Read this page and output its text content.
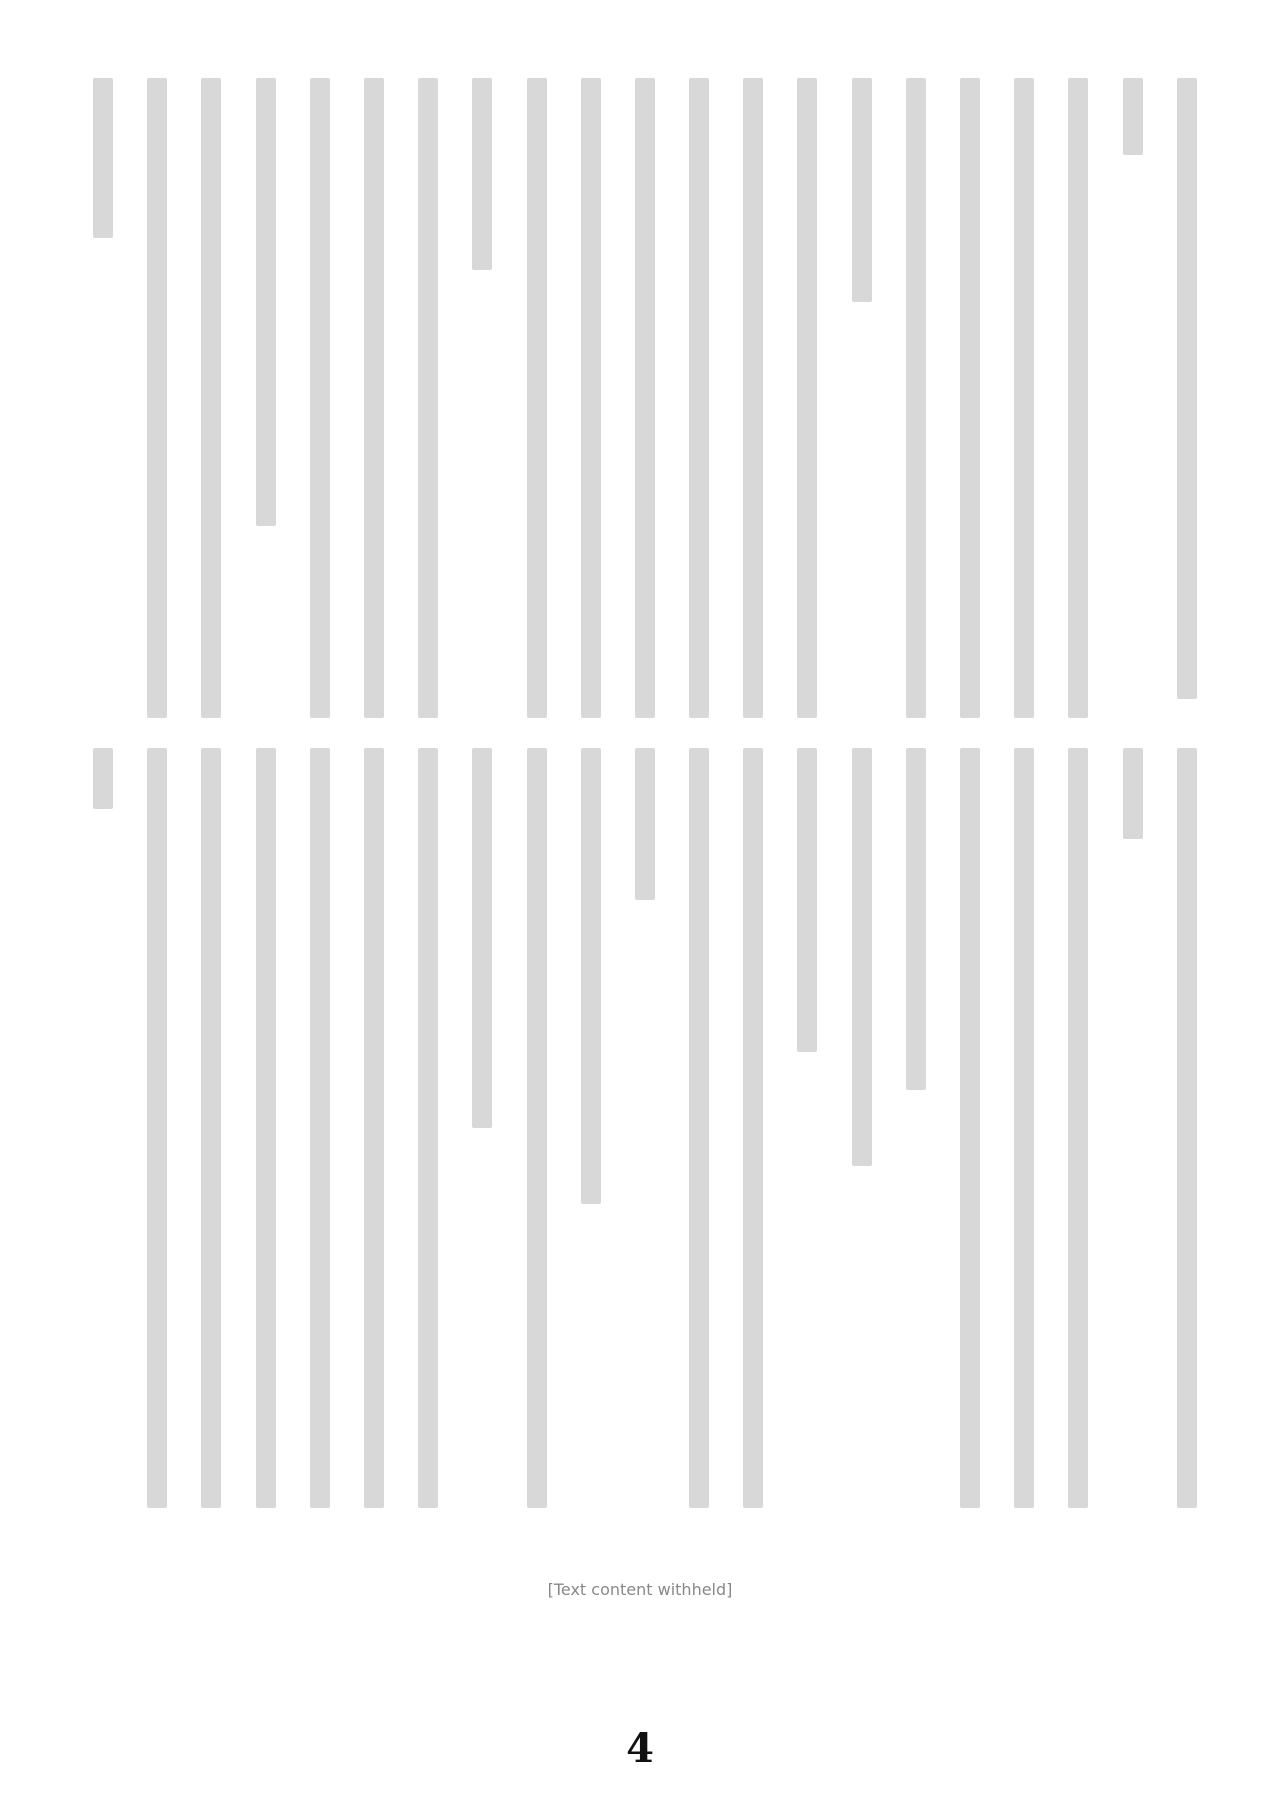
[Text content withheld]
4
